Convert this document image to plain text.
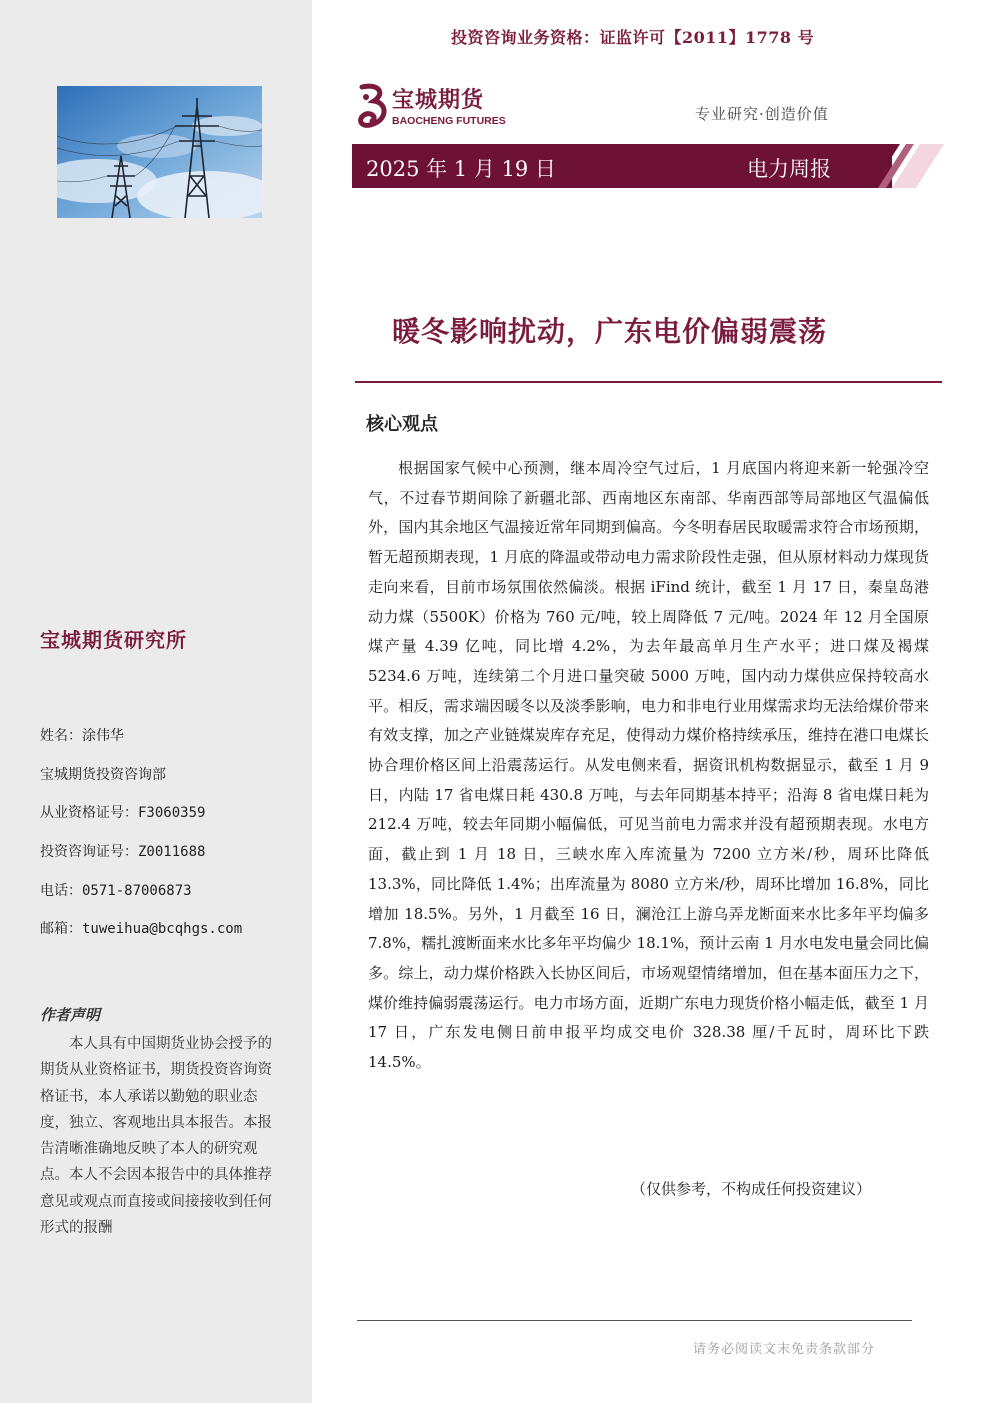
宝城期货研究所
姓名：涂伟华
宝城期货投资咨询部
从业资格证号：F3060359
投资咨询证号：Z0011688
电话：0571-87006873
邮箱：tuweihua@bcqhgs.com
作者声明

本人具有中国期货业协会授予的期货从业资格证书，期货投资咨询资格证书，本人承诺以勤勉的职业态度，独立、客观地出具本报告。本报告清晰准确地反映了本人的研究观点。本人不会因本报告中的具体推荐意见或观点而直接或间接接收到任何形式的报酬

投资咨询业务资格：证监许可【2011】1778 号

宝城期货
BAOCHENG FUTURES	专业研究·创造价值

2025 年 1 月 19 日	电力周报
暖冬影响扰动，广东电价偏弱震荡
核心观点

根据国家气候中心预测，继本周冷空气过后，1 月底国内将迎来新一轮强冷空气，不过春节期间除了新疆北部、西南地区东南部、华南西部等局部地区气温偏低外，国内其余地区气温接近常年同期到偏高。今冬明春居民取暖需求符合市场预期，暂无超预期表现，1 月底的降温或带动电力需求阶段性走强，但从原材料动力煤现货走向来看，目前市场氛围依然偏淡。根据 iFind 统计，截至 1 月 17 日，秦皇岛港动力煤（5500K）价格为 760 元/吨，较上周降低 7 元/吨。2024 年 12 月全国原煤产量 4.39 亿吨，同比增 4.2%，为去年最高单月生产水平；进口煤及褐煤 5234.6 万吨，连续第二个月进口量突破 5000 万吨，国内动力煤供应保持较高水平。相反，需求端因暖冬以及淡季影响，电力和非电行业用煤需求均无法给煤价带来有效支撑，加之产业链煤炭库存充足，使得动力煤价格持续承压，维持在港口电煤长协合理价格区间上沿震荡运行。从发电侧来看，据资讯机构数据显示，截至 1 月 9 日，内陆 17 省电煤日耗 430.8 万吨，与去年同期基本持平；沿海 8 省电煤日耗为 212.4 万吨，较去年同期小幅偏低，可见当前电力需求并没有超预期表现。水电方面，截止到 1 月 18 日，三峡水库入库流量为 7200 立方米/秒，周环比降低 13.3%，同比降低 1.4%；出库流量为 8080 立方米/秒，周环比增加 16.8%，同比增加 18.5%。另外，1 月截至 16 日，澜沧江上游乌弄龙断面来水比多年平均偏多 7.8%，糯扎渡断面来水比多年平均偏少 18.1%，预计云南 1 月水电发电量会同比偏多。综上，动力煤价格跌入长协区间后，市场观望情绪增加，但在基本面压力之下，煤价维持偏弱震荡运行。电力市场方面，近期广东电力现货价格小幅走低，截至 1 月 17 日，广东发电侧日前申报平均成交电价 328.38 厘/千瓦时，周环比下跌 14.5%。

（仅供参考，不构成任何投资建议）

请务必阅读文末免责条款部分
